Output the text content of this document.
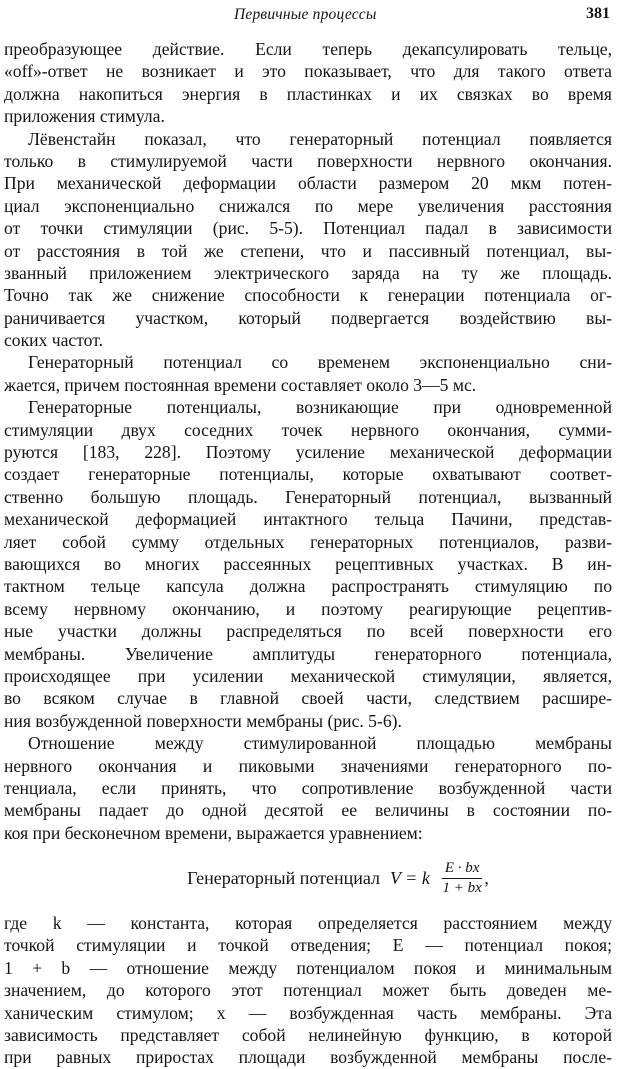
Первичные процессы	381
преобразующее действие. Если теперь декапсулировать тельце,
«off»-ответ не возникает и это показывает, что для такого ответа
должна накопиться энергия в пластинках и их связках во время
приложения стимула.
Лёвенстайн показал, что генераторный потенциал появляется
только в стимулируемой части поверхности нервного окончания.
При механической деформации области размером 20 мкм потен-
циал экспоненциально снижался по мере увеличения расстояния
от точки стимуляции (рис. 5-5). Потенциал падал в зависимости
от расстояния в той же степени, что и пассивный потенциал, вы-
званный приложением электрического заряда на ту же площадь.
Точно так же снижение способности к генерации потенциала ог-
раничивается участком, который подвергается воздействию вы-
соких частот.
Генераторный потенциал со временем экспоненциально сни-
жается, причем постоянная времени составляет около 3—5 мс.
Генераторные потенциалы, возникающие при одновременной
стимуляции двух соседних точек нервного окончания, сумми-
руются [183, 228]. Поэтому усиление механической деформации
создает генераторные потенциалы, которые охватывают соответ-
ственно большую площадь. Генераторный потенциал, вызванный
механической деформацией интактного тельца Пачини, представ-
ляет собой сумму отдельных генераторных потенциалов, разви-
вающихся во многих рассеянных рецептивных участках. В ин-
тактном тельце капсула должна распространять стимуляцию по
всему нервному окончанию, и поэтому реагирующие рецептив-
ные участки должны распределяться по всей поверхности его
мембраны. Увеличение амплитуды генераторного потенциала,
происходящее при усилении механической стимуляции, является,
во всяком случае в главной своей части, следствием расшире-
ния возбужденной поверхности мембраны (рис. 5-6).
Отношение между стимулированной площадью мембраны
нервного окончания и пиковыми значениями генераторного по-
тенциала, если принять, что сопротивление возбужденной части
мембраны падает до одной десятой ее величины в состоянии по-
коя при бесконечном времени, выражается уравнением:
Генераторный потенциал V = k $\frac{E \cdot bx}{1 + bx}$ ,
где k — константа, которая определяется расстоянием между
точкой стимуляции и точкой отведения; E — потенциал покоя;
1 + b — отношение между потенциалом покоя и минимальным
значением, до которого этот потенциал может быть доведен ме-
ханическим стимулом; x — возбужденная часть мембраны. Эта
зависимость представляет собой нелинейную функцию, в которой
при равных приростах площади возбужденной мембраны после-
